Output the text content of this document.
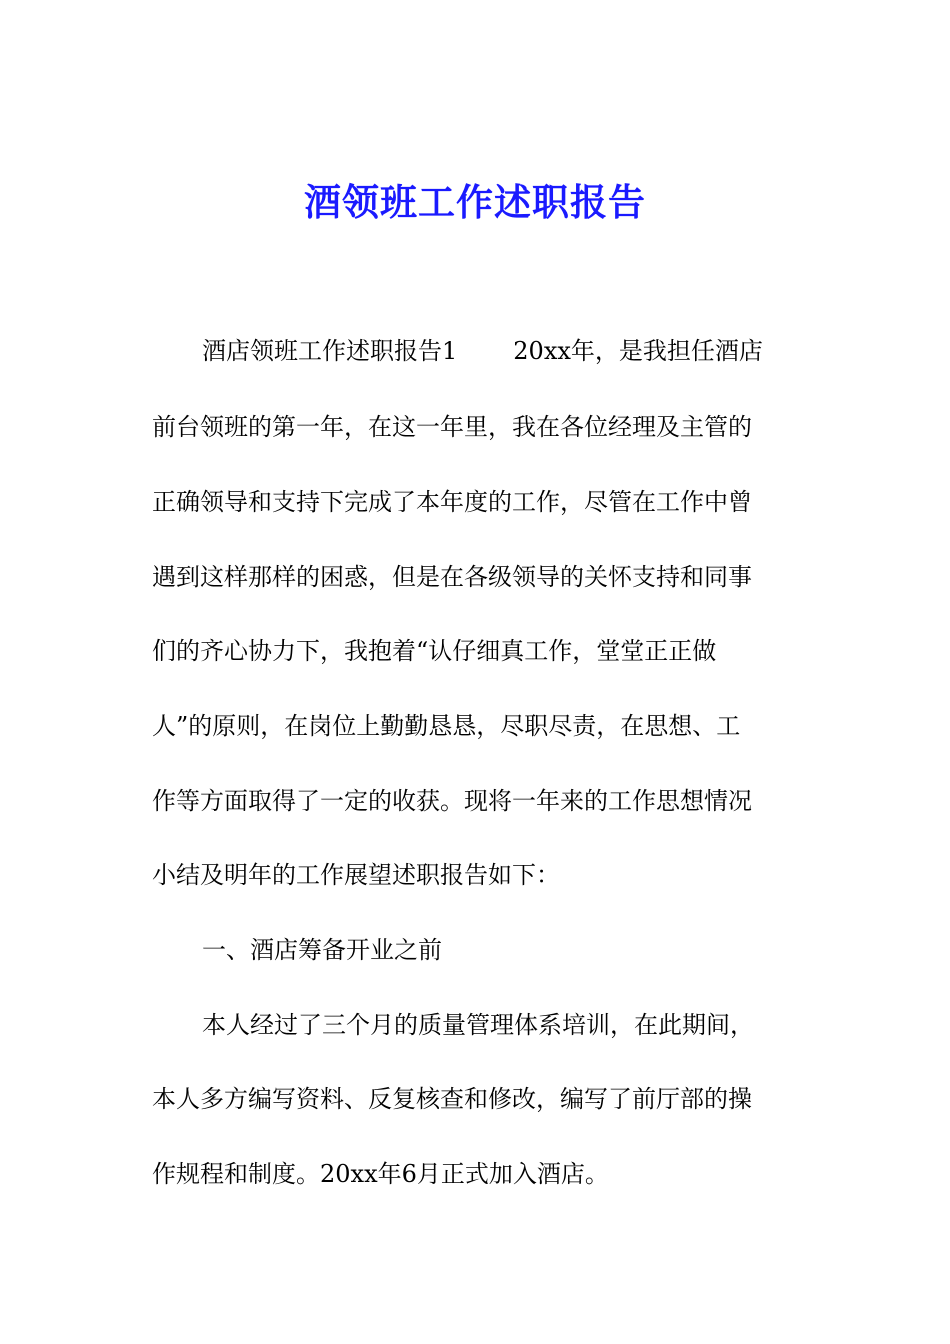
酒领班工作述职报告
酒店领班工作述职报告1 20xx年，是我担任酒店
前台领班的第一年，在这一年里，我在各位经理及主管的
正确领导和支持下完成了本年度的工作，尽管在工作中曾
遇到这样那样的困惑，但是在各级领导的关怀支持和同事
们的齐心协力下，我抱着“认仔细真工作，堂堂正正做
人”的原则，在岗位上勤勤恳恳，尽职尽责，在思想、工
作等方面取得了一定的收获。现将一年来的工作思想情况
小结及明年的工作展望述职报告如下：
一、酒店筹备开业之前
本人经过了三个月的质量管理体系培训，在此期间，
本人多方编写资料、反复核查和修改，编写了前厅部的操
作规程和制度。20xx年6月正式加入酒店。
